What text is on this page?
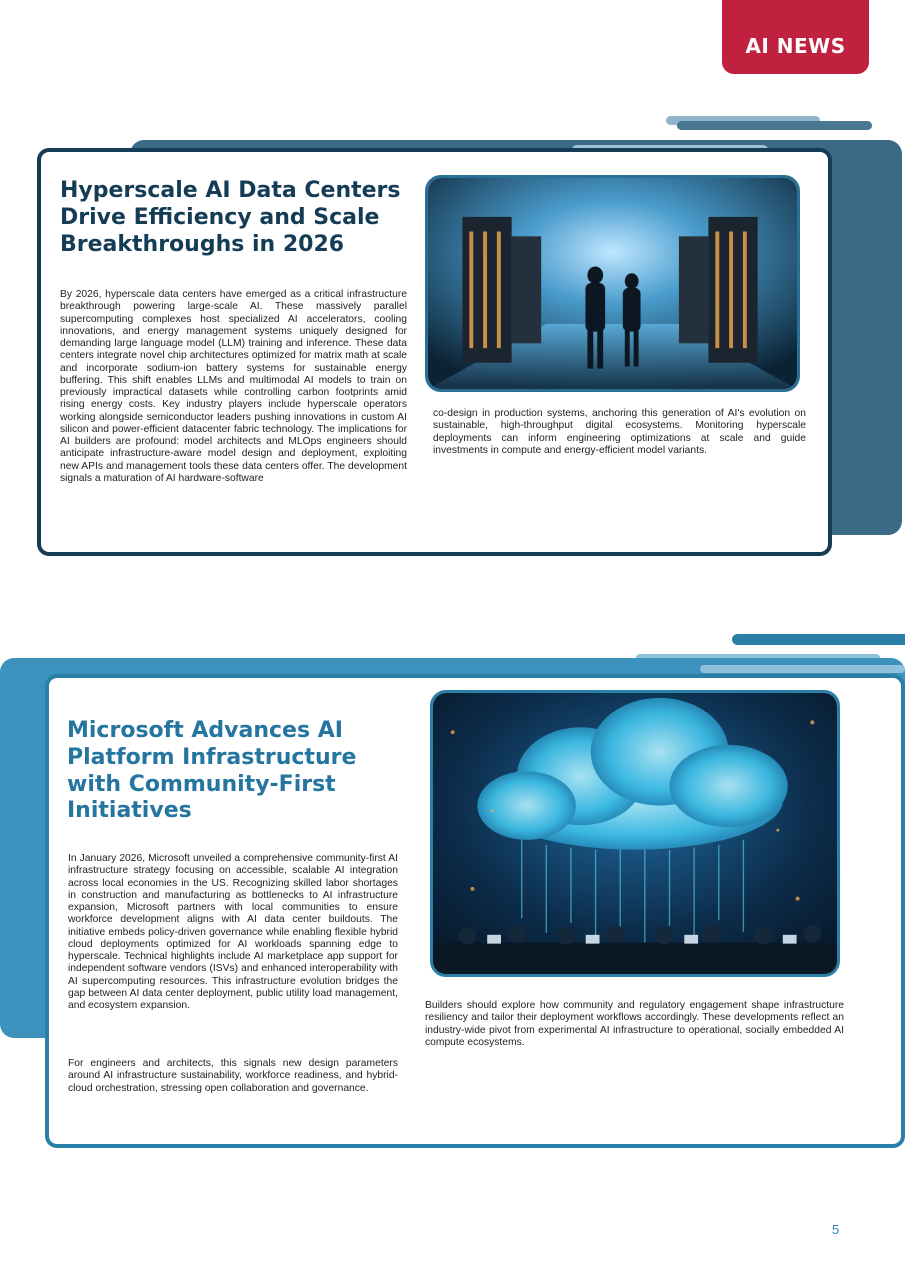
AI NEWS
Hyperscale AI Data Centers Drive Efficiency and Scale Breakthroughs in 2026

By 2026, hyperscale data centers have emerged as a critical infrastructure breakthrough powering large-scale AI. These massively parallel supercomputing complexes host specialized AI accelerators, cooling innovations, and energy management systems uniquely designed for demanding large language model (LLM) training and inference. These data centers integrate novel chip architectures optimized for matrix math at scale and incorporate sodium-ion battery systems for sustainable energy buffering. This shift enables LLMs and multimodal AI models to train on previously impractical datasets while controlling carbon footprints amid rising energy costs. Key industry players include hyperscale operators working alongside semiconductor leaders pushing innovations in custom AI silicon and power-efficient datacenter fabric technology. The implications for AI builders are profound: model architects and MLOps engineers should anticipate infrastructure-aware model design and deployment, exploiting new APIs and management tools these data centers offer. The development signals a maturation of AI hardware-software

co-design in production systems, anchoring this generation of AI's evolution on sustainable, high-throughput digital ecosystems. Monitoring hyperscale deployments can inform engineering optimizations at scale and guide investments in compute and energy-efficient model variants.

Microsoft Advances AI Platform Infrastructure with Community-First Initiatives

In January 2026, Microsoft unveiled a comprehensive community-first AI infrastructure strategy focusing on accessible, scalable AI integration across local economies in the US. Recognizing skilled labor shortages in construction and manufacturing as bottlenecks to AI infrastructure expansion, Microsoft partners with local communities to ensure workforce development aligns with AI data center buildouts. The initiative embeds policy-driven governance while enabling flexible hybrid cloud deployments optimized for AI workloads spanning edge to hyperscale. Technical highlights include AI marketplace app support for independent software vendors (ISVs) and enhanced interoperability with AI supercomputing resources. This infrastructure evolution bridges the gap between AI data center deployment, public utility load management, and ecosystem expansion.

For engineers and architects, this signals new design parameters around AI infrastructure sustainability, workforce readiness, and hybrid-cloud orchestration, stressing open collaboration and governance.

Builders should explore how community and regulatory engagement shape infrastructure resiliency and tailor their deployment workflows accordingly. These developments reflect an industry-wide pivot from experimental AI infrastructure to operational, socially embedded AI compute ecosystems.

5
